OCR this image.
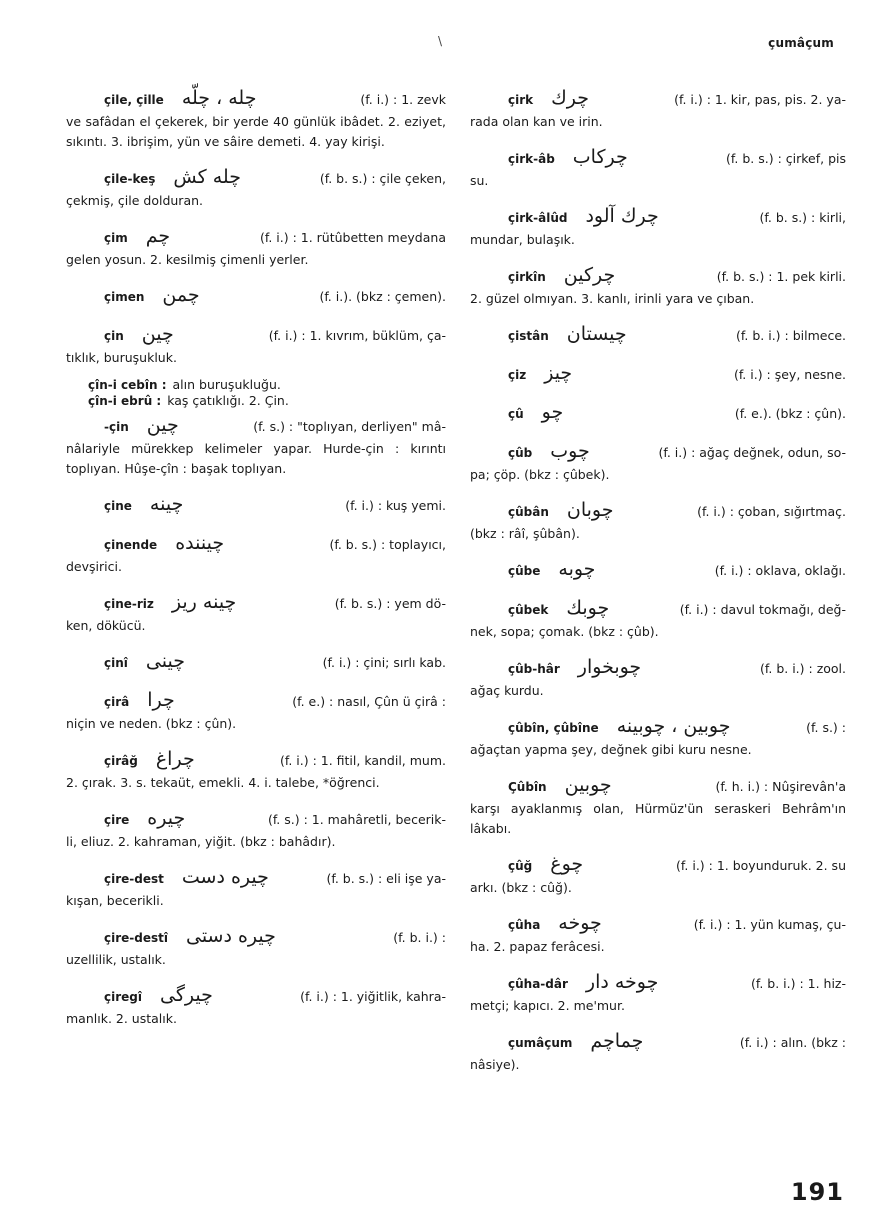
\	çumâçum
çile, çille چله ، چلّه	(f. i.) : 1. zevk
ve safâdan el çekerek, bir yerde 40 günlük ibâdet. 2. eziyet, sıkıntı. 3. ibrişim, yün ve sâire demeti. 4. yay kirişi.
çile-keş چله كش	(f. b. s.) : çile çeken,
çekmiş, çile dolduran.
çim چم	(f. i.) : 1. rütûbetten meydana
gelen yosun. 2. kesilmiş çimenli yerler.
çimen چمن	(f. i.). (bkz : çemen).
çin چين	(f. i.) : 1. kıvrım, büklüm, ça-
tıklık, buruşukluk.
çîn-i cebîn : alın buruşukluğu.
çîn-i ebrû : kaş çatıklığı. 2. Çin.
-çin چين	(f. s.) : "toplıyan, derliyen" mâ-
nâlariyle mürekkep kelimeler yapar. Hurde-çin : kırıntı toplıyan. Hûşe-çîn : başak toplıyan.
çine چينه	(f. i.) : kuş yemi.
çinende چيننده	(f. b. s.) : toplayıcı,
devşirici.
çine-riz چينه ريز	(f. b. s.) : yem dö-
ken, dökücü.
çinî چينى	(f. i.) : çini; sırlı kab.
çirâ چرا	(f. e.) : nasıl, Çûn ü çirâ :
niçin ve neden. (bkz : çûn).
çirâğ چراغ	(f. i.) : 1. fitil, kandil, mum.
2. çırak. 3. s. tekaüt, emekli. 4. i. talebe, *öğrenci.
çire چيره	(f. s.) : 1. mahâretli, becerik-
li, eliuz. 2. kahraman, yiğit. (bkz : bahâdır).
çire-dest چيره دست	(f. b. s.) : eli işe ya-
kışan, becerikli.
çire-destî چيره دستى	(f. b. i.) :
uzellilik, ustalık.
çiregî چيرگى	(f. i.) : 1. yiğitlik, kahra-
manlık. 2. ustalık.
çirk چرك	(f. i.) : 1. kir, pas, pis. 2. ya-
rada olan kan ve irin.
çirk-âb چركاب	(f. b. s.) : çirkef, pis
su.
çirk-âlûd چرك آلود	(f. b. s.) : kirli,
mundar, bulaşık.
çirkîn چركين	(f. b. s.) : 1. pek kirli.
2. güzel olmıyan. 3. kanlı, irinli yara ve çıban.
çistân چيستان	(f. b. i.) : bilmece.
çiz چيز	(f. i.) : şey, nesne.
çû چو	(f. e.). (bkz : çûn).
çûb چوب	(f. i.) : ağaç değnek, odun, so-
pa; çöp. (bkz : çûbek).
çûbân چوبان	(f. i.) : çoban, sığırtmaç.
(bkz : râî, şûbân).
çûbe چوبه	(f. i.) : oklava, oklağı.
çûbek چوبك	(f. i.) : davul tokmağı, değ-
nek, sopa; çomak. (bkz : çûb).
çûb-hâr چوبخوار	(f. b. i.) : zool.
ağaç kurdu.
çûbîn, çûbîne چوبين ، چوبينه	(f. s.) :
ağaçtan yapma şey, değnek gibi kuru nesne.
Çûbîn چوبين	(f. h. i.) : Nûşirevân'a
karşı ayaklanmış olan, Hürmüz'ün seraskeri Behrâm'ın lâkabı.
çûğ چوغ	(f. i.) : 1. boyunduruk. 2. su
arkı. (bkz : cûğ).
çûha چوخه	(f. i.) : 1. yün kumaş, çu-
ha. 2. papaz ferâcesi.
çûha-dâr چوخه دار	(f. b. i.) : 1. hiz-
metçi; kapıcı. 2. me'mur.
çumâçum چماچم	(f. i.) : alın. (bkz :
nâsiye).
191
